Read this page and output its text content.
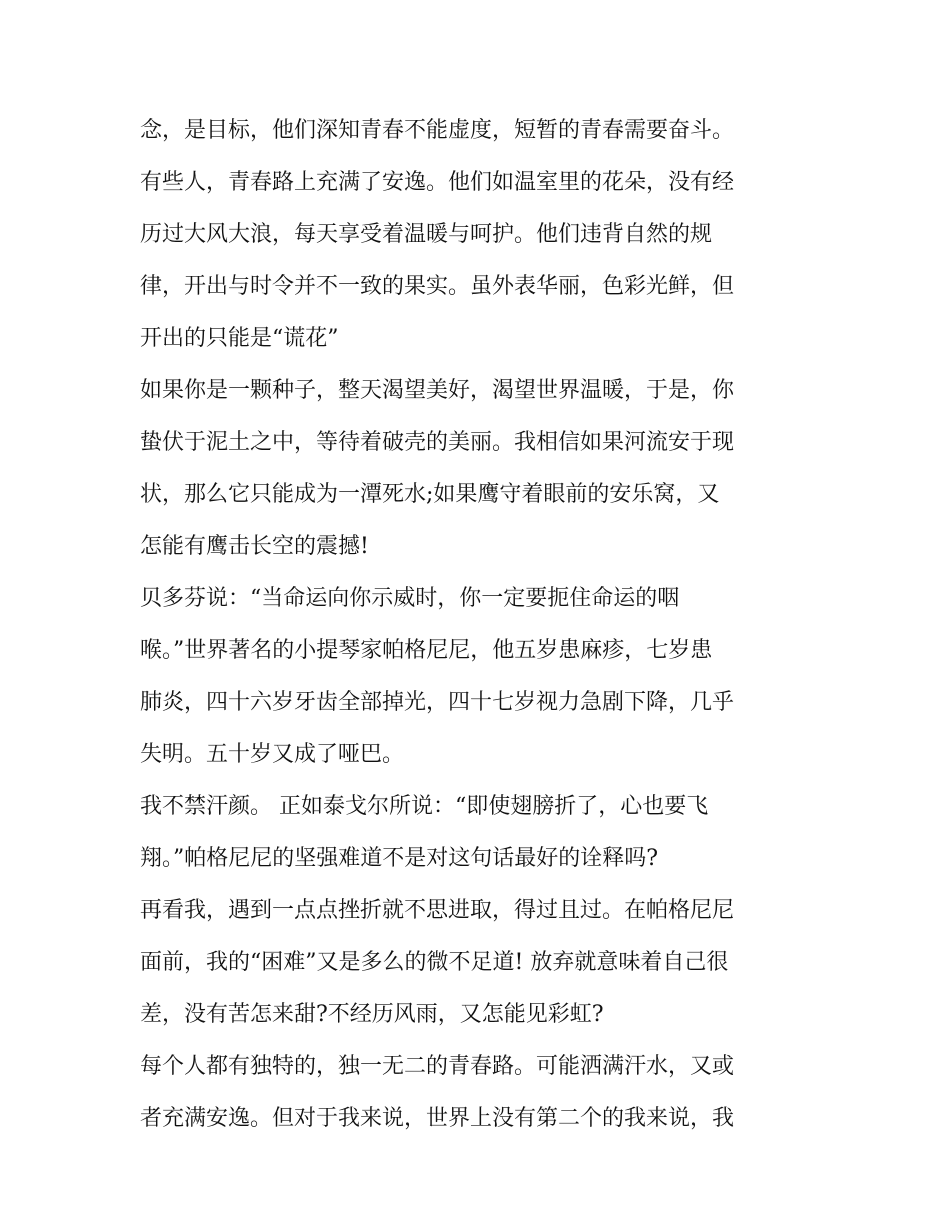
念，是目标，他们深知青春不能虚度，短暂的青春需要奋斗。
有些人，青春路上充满了安逸。他们如温室里的花朵，没有经
历过大风大浪，每天享受着温暖与呵护。他们违背自然的规
律，开出与时令并不一致的果实。虽外表华丽，色彩光鲜，但
开出的只能是“谎花”
如果你是一颗种子，整天渴望美好，渴望世界温暖，于是，你
蛰伏于泥土之中，等待着破壳的美丽。我相信如果河流安于现
状，那么它只能成为一潭死水;如果鹰守着眼前的安乐窝，又
怎能有鹰击长空的震撼!
贝多芬说：“当命运向你示威时，你一定要扼住命运的咽
喉。”世界著名的小提琴家帕格尼尼，他五岁患麻疹，七岁患
肺炎，四十六岁牙齿全部掉光，四十七岁视力急剧下降，几乎
失明。五十岁又成了哑巴。
我不禁汗颜。 正如泰戈尔所说：“即使翅膀折了，心也要飞
翔。”帕格尼尼的坚强难道不是对这句话最好的诠释吗?
再看我，遇到一点点挫折就不思进取，得过且过。在帕格尼尼
面前，我的“困难”又是多么的微不足道! 放弃就意味着自己很
差，没有苦怎来甜?不经历风雨，又怎能见彩虹?
每个人都有独特的，独一无二的青春路。可能洒满汗水，又或
者充满安逸。但对于我来说，世界上没有第二个的我来说，我
